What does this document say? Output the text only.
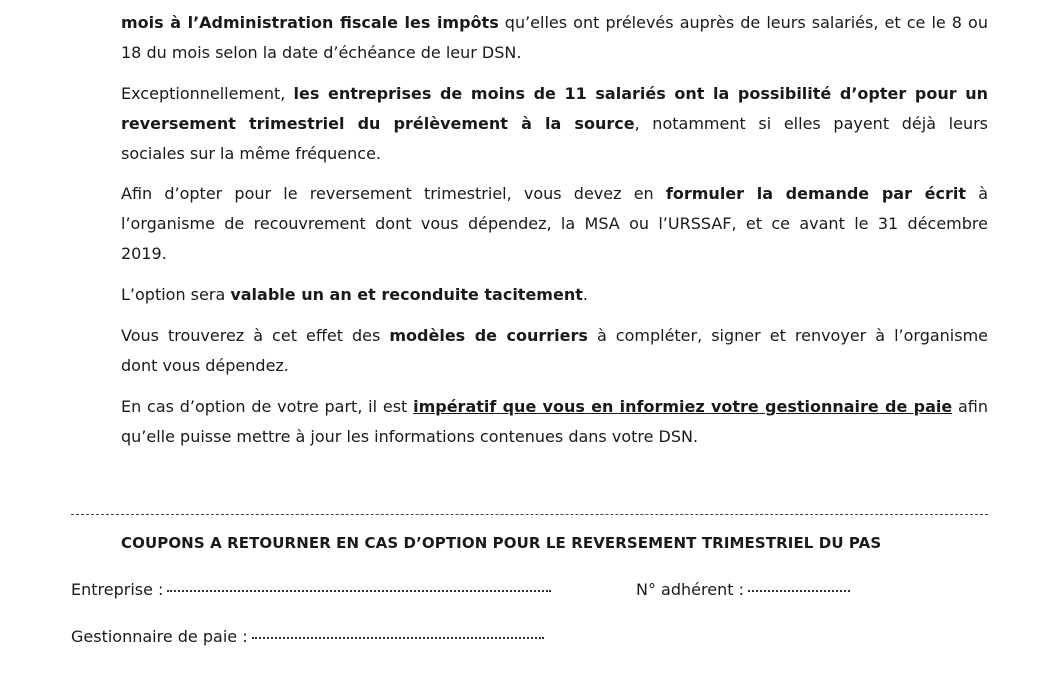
mois à l’Administration fiscale les impôts qu’elles ont prélevés auprès de leurs salariés, et ce le 8 ou
18 du mois selon la date d’échéance de leur DSN.
Exceptionnellement, les entreprises de moins de 11 salariés ont la possibilité d’opter pour un
reversement trimestriel du prélèvement à la source, notamment si elles payent déjà leurs
sociales sur la même fréquence.
Afin d’opter pour le reversement trimestriel, vous devez en formuler la demande par écrit à
l’organisme de recouvrement dont vous dépendez, la MSA ou l’URSSAF, et ce avant le 31 décembre
2019.
L’option sera valable un an et reconduite tacitement.
Vous trouverez à cet effet des modèles de courriers à compléter, signer et renvoyer à l’organisme
dont vous dépendez.
En cas d’option de votre part, il est impératif que vous en informiez votre gestionnaire de paie afin
qu’elle puisse mettre à jour les informations contenues dans votre DSN.
COUPONS A RETOURNER EN CAS D’OPTION POUR LE REVERSEMENT TRIMESTRIEL DU PAS
Entreprise :	N° adhérent :
Gestionnaire de paie :
